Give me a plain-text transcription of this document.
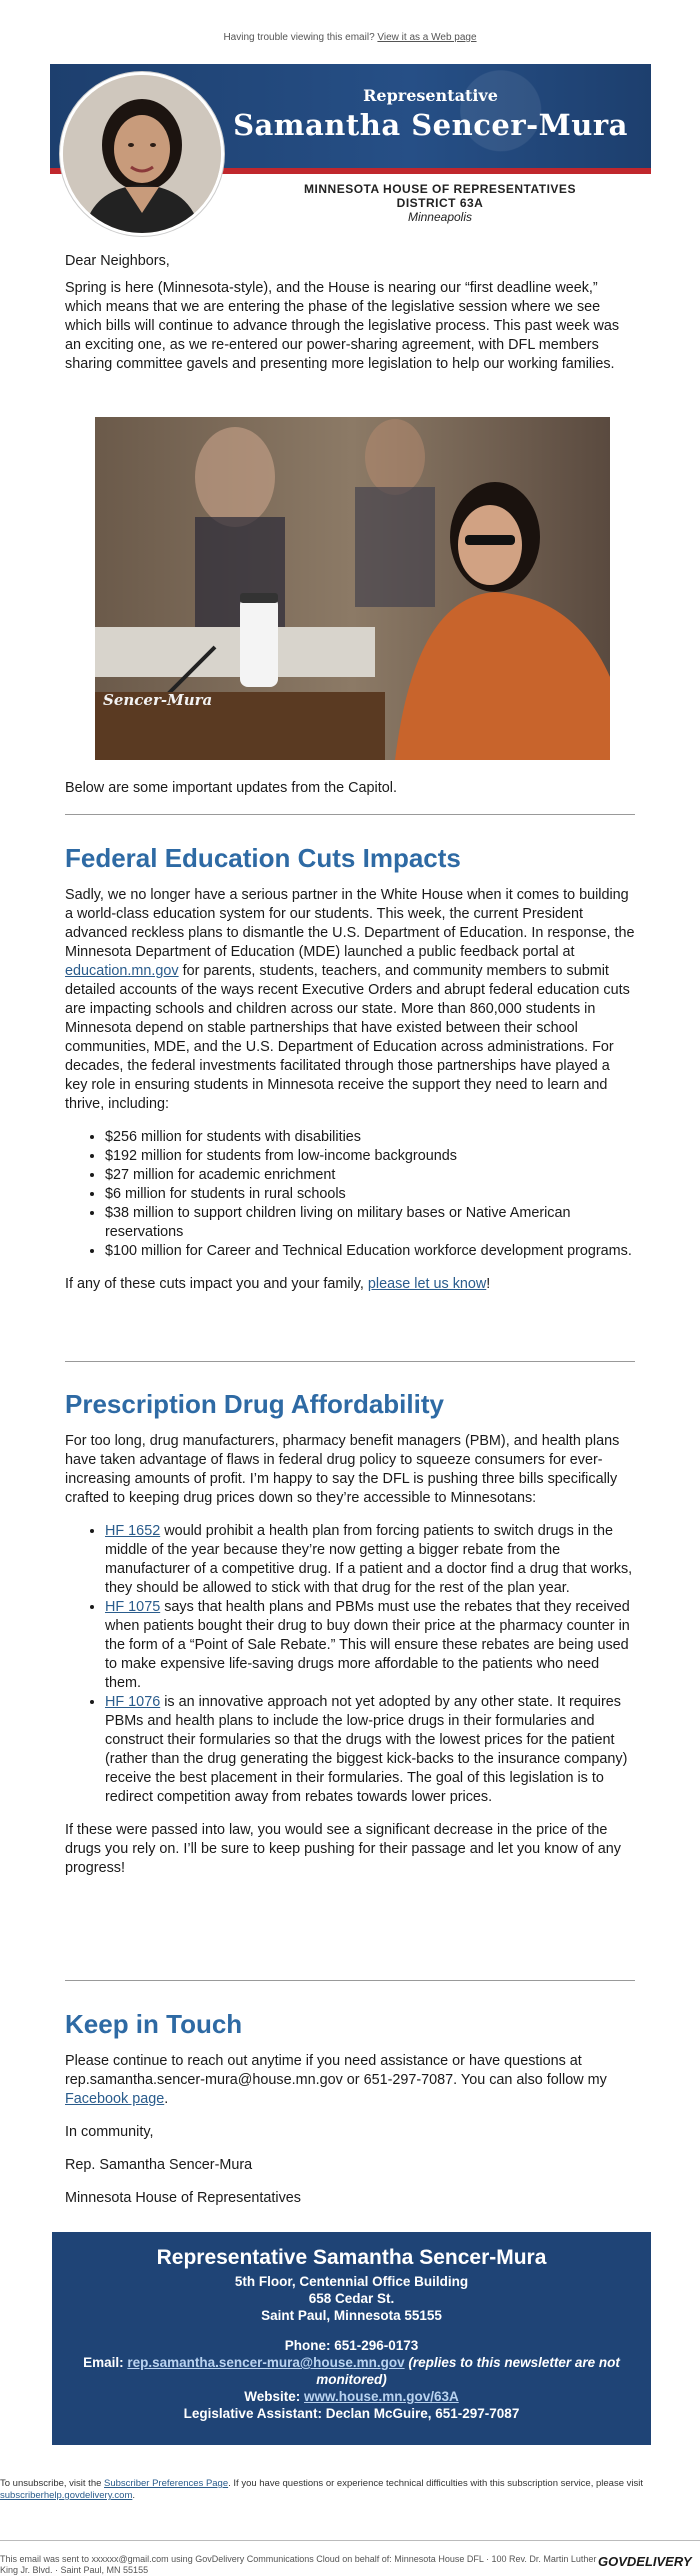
Having trouble viewing this email? View it as a Web page
Representative
Samantha Sencer-Mura
MINNESOTA HOUSE OF REPRESENTATIVES
DISTRICT 63A
Minneapolis
Dear Neighbors,

Spring is here (Minnesota-style), and the House is nearing our “first deadline week,” which means that we are entering the phase of the legislative session where we see which bills will continue to advance through the legislative process. This past week was an exciting one, as we re-entered our power-sharing agreement, with DFL members sharing committee gavels and presenting more legislation to help our working families.

Sencer-Mura
Below are some important updates from the Capitol.
Federal Education Cuts Impacts

Sadly, we no longer have a serious partner in the White House when it comes to building a world-class education system for our students. This week, the current President advanced reckless plans to dismantle the U.S. Department of Education. In response, the Minnesota Department of Education (MDE) launched a public feedback portal at education.mn.gov for parents, students, teachers, and community members to submit detailed accounts of the ways recent Executive Orders and abrupt federal education cuts are impacting schools and children across our state. More than 860,000 students in Minnesota depend on stable partnerships that have existed between their school communities, MDE, and the U.S. Department of Education across administrations. For decades, the federal investments facilitated through those partnerships have played a key role in ensuring students in Minnesota receive the support they need to learn and thrive, including:

• $256 million for students with disabilities
• $192 million for students from low-income backgrounds
• $27 million for academic enrichment
• $6 million for students in rural schools
• $38 million to support children living on military bases or Native American reservations
• $100 million for Career and Technical Education workforce development programs.

If any of these cuts impact you and your family, please let us know!

Prescription Drug Affordability

For too long, drug manufacturers, pharmacy benefit managers (PBM), and health plans have taken advantage of flaws in federal drug policy to squeeze consumers for ever-increasing amounts of profit. I’m happy to say the DFL is pushing three bills specifically crafted to keeping drug prices down so they’re accessible to Minnesotans:

• HF 1652 would prohibit a health plan from forcing patients to switch drugs in the middle of the year because they’re now getting a bigger rebate from the manufacturer of a competitive drug. If a patient and a doctor find a drug that works, they should be allowed to stick with that drug for the rest of the plan year.
• HF 1075 says that health plans and PBMs must use the rebates that they received when patients bought their drug to buy down their price at the pharmacy counter in the form of a “Point of Sale Rebate.” This will ensure these rebates are being used to make expensive life-saving drugs more affordable to the patients who need them.
• HF 1076 is an innovative approach not yet adopted by any other state. It requires PBMs and health plans to include the low-price drugs in their formularies and construct their formularies so that the drugs with the lowest prices for the patient (rather than the drug generating the biggest kick-backs to the insurance company) receive the best placement in their formularies. The goal of this legislation is to redirect competition away from rebates towards lower prices.

If these were passed into law, you would see a significant decrease in the price of the drugs you rely on. I’ll be sure to keep pushing for their passage and let you know of any progress!

Keep in Touch

Please continue to reach out anytime if you need assistance or have questions at rep.samantha.sencer-mura@house.mn.gov or 651-297-7087. You can also follow my Facebook page.

In community,

Rep. Samantha Sencer-Mura

Minnesota House of Representatives

Representative Samantha Sencer-Mura
5th Floor, Centennial Office Building
658 Cedar St.
Saint Paul, Minnesota 55155
Phone: 651-296-0173
Email: rep.samantha.sencer-mura@house.mn.gov (replies to this newsletter are not monitored)
Website: www.house.mn.gov/63A
Legislative Assistant: Declan McGuire, 651-297-7087
To unsubscribe, visit the Subscriber Preferences Page. If you have questions or experience technical difficulties with this subscription service, please visit subscriberhelp.govdelivery.com.
This email was sent to xxxxxx@gmail.com using GovDelivery Communications Cloud on behalf of: Minnesota House DFL · 100 Rev. Dr. Martin Luther King Jr. Blvd. · Saint Paul, MN 55155
GOVDELIVERY
